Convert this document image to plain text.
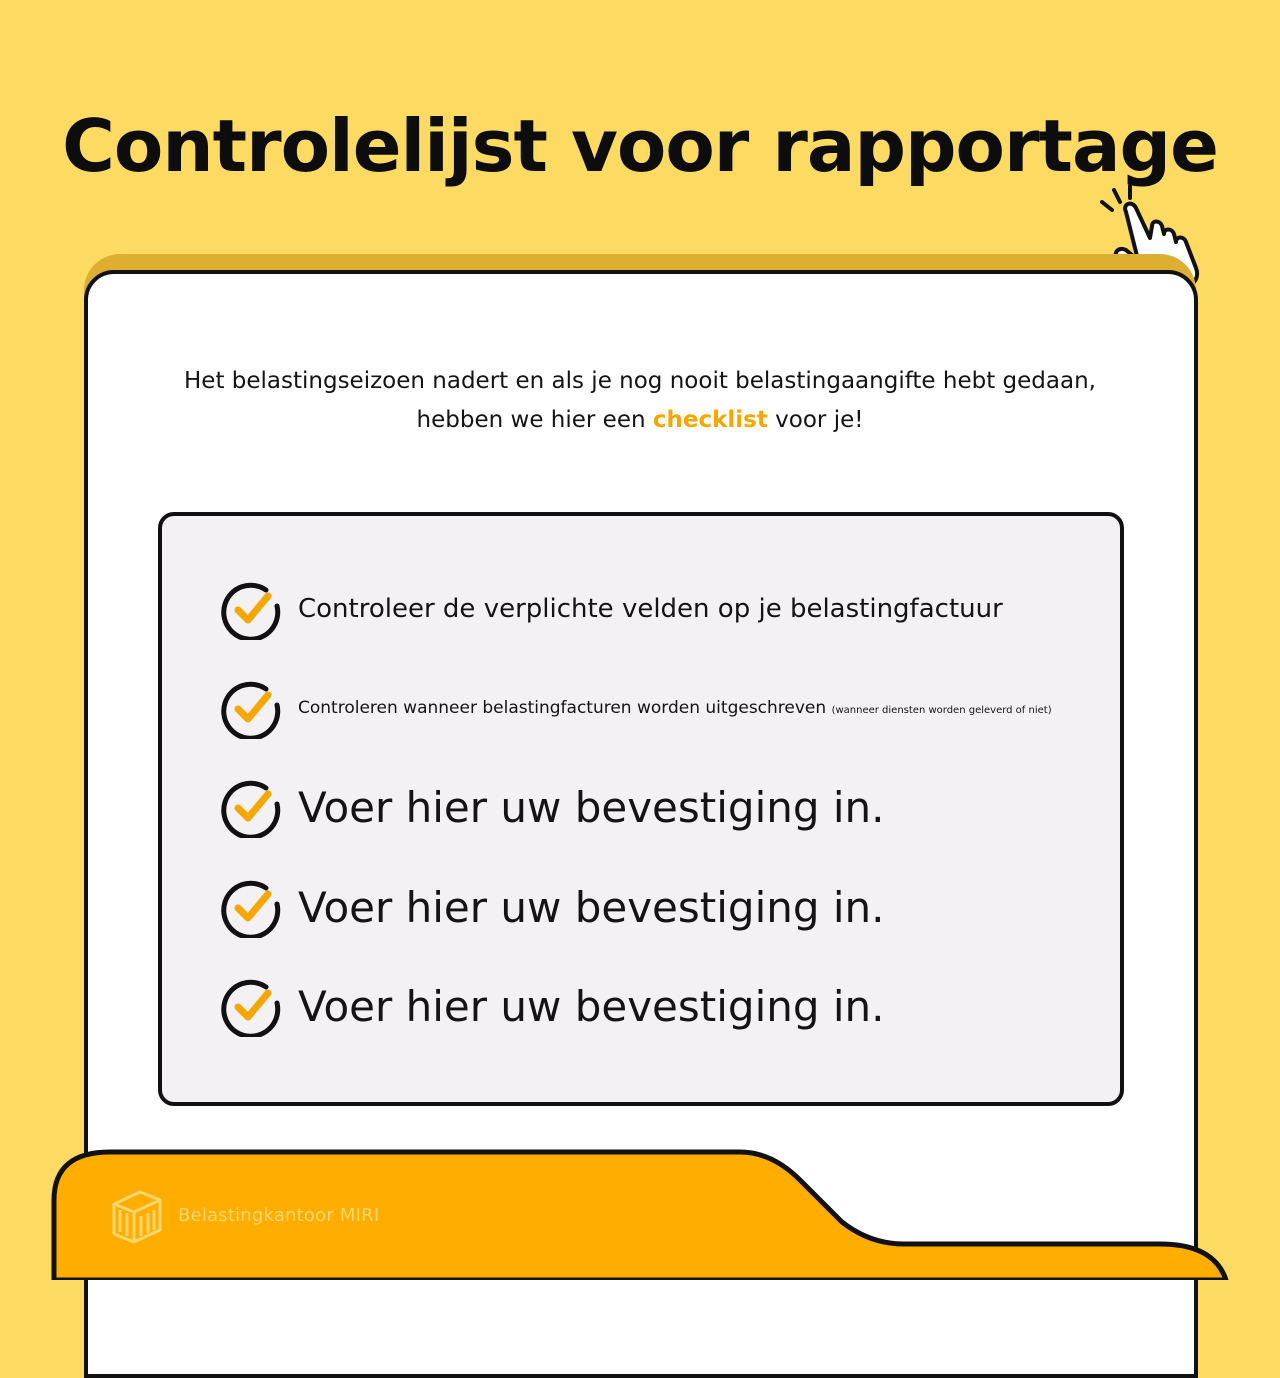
Controlelijst voor rapportage
Het belastingseizoen nadert en als je nog nooit belastingaangifte hebt gedaan,
hebben we hier een checklist voor je!
Controleer de verplichte velden op je belastingfactuur
Controleren wanneer belastingfacturen worden uitgeschreven (wanneer diensten worden geleverd of niet)
Voer hier uw bevestiging in.
Voer hier uw bevestiging in.
Voer hier uw bevestiging in.
Belastingkantoor MIRI
